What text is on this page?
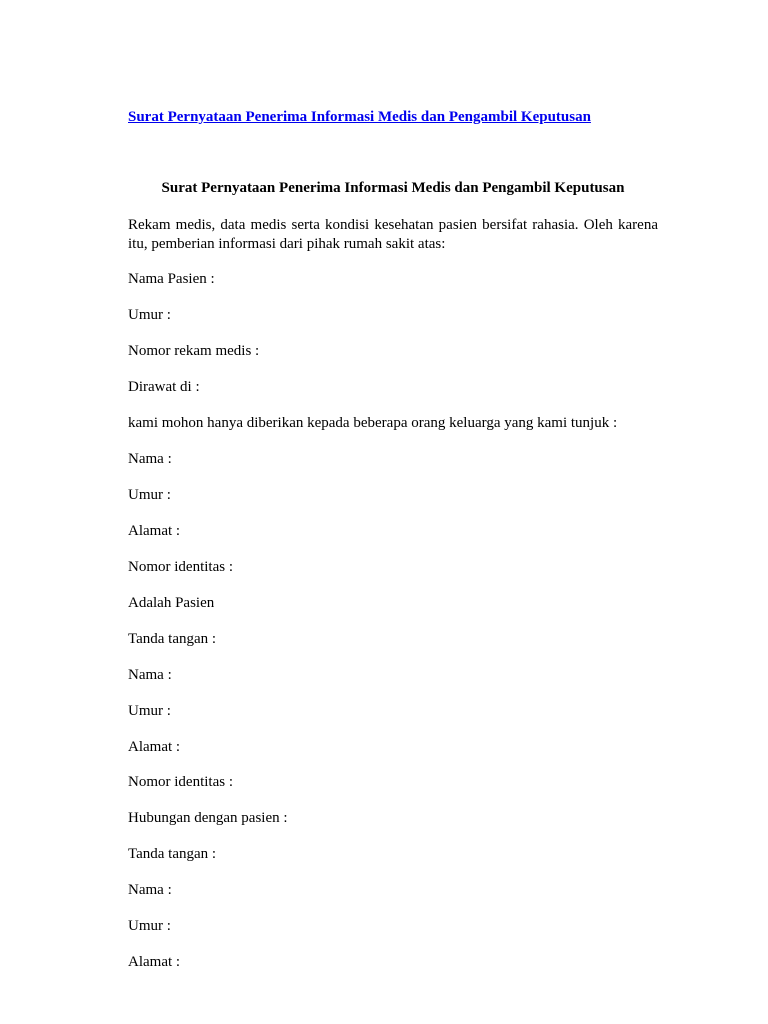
Surat Pernyataan Penerima Informasi Medis dan Pengambil Keputusan
Surat Pernyataan Penerima Informasi Medis dan Pengambil Keputusan
Rekam medis, data medis serta kondisi kesehatan pasien bersifat rahasia. Oleh karena itu, pemberian informasi dari pihak rumah sakit atas:
Nama Pasien :
Umur :
Nomor rekam medis :
Dirawat di :
kami mohon hanya diberikan kepada beberapa orang keluarga yang kami tunjuk :
Nama :
Umur :
Alamat :
Nomor identitas :
Adalah Pasien
Tanda tangan :
Nama :
Umur :
Alamat :
Nomor identitas :
Hubungan dengan pasien :
Tanda tangan :
Nama :
Umur :
Alamat :
